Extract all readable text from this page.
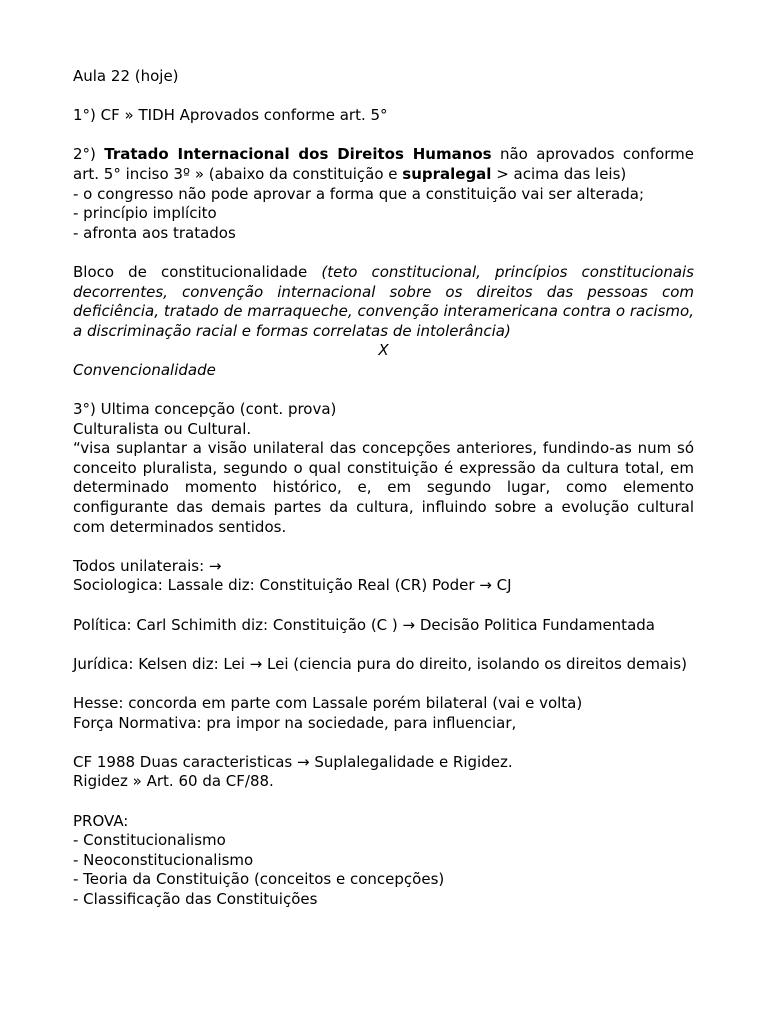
Aula 22 (hoje)

1°) CF » TIDH Aprovados conforme art. 5°

2°) Tratado Internacional dos Direitos Humanos não aprovados conforme art. 5° inciso 3º » (abaixo da constituição e supralegal > acima das leis)

- o congresso não pode aprovar a forma que a constituição vai ser alterada;

- princípio implícito

- afronta aos tratados

Bloco de constitucionalidade (teto constitucional, princípios constitucionais decorrentes, convenção internacional sobre os direitos das pessoas com deficiência, tratado de marraqueche, convenção interamericana contra o racismo, a discriminação racial e formas correlatas de intolerância)

X

Convencionalidade

3°) Ultima concepção (cont. prova)

Culturalista ou Cultural.

“visa suplantar a visão unilateral das concepções anteriores, fundindo-as num só conceito pluralista, segundo o qual constituição é expressão da cultura total, em determinado momento histórico, e, em segundo lugar, como elemento configurante das demais partes da cultura, influindo sobre a evolução cultural com determinados sentidos.

Todos unilaterais: →

Sociologica: Lassale diz: Constituição Real (CR) Poder → CJ

Política: Carl Schimith diz: Constituição (C ) → Decisão Politica Fundamentada

Jurídica: Kelsen diz: Lei → Lei (ciencia pura do direito, isolando os direitos demais)

Hesse: concorda em parte com Lassale porém bilateral (vai e volta)

Força Normativa: pra impor na sociedade, para influenciar,

CF 1988 Duas caracteristicas → Suplalegalidade e Rigidez.

Rigidez » Art. 60 da CF/88.

PROVA:

- Constitucionalismo

- Neoconstitucionalismo

- Teoria da Constituição (conceitos e concepções)

- Classificação das Constituições
